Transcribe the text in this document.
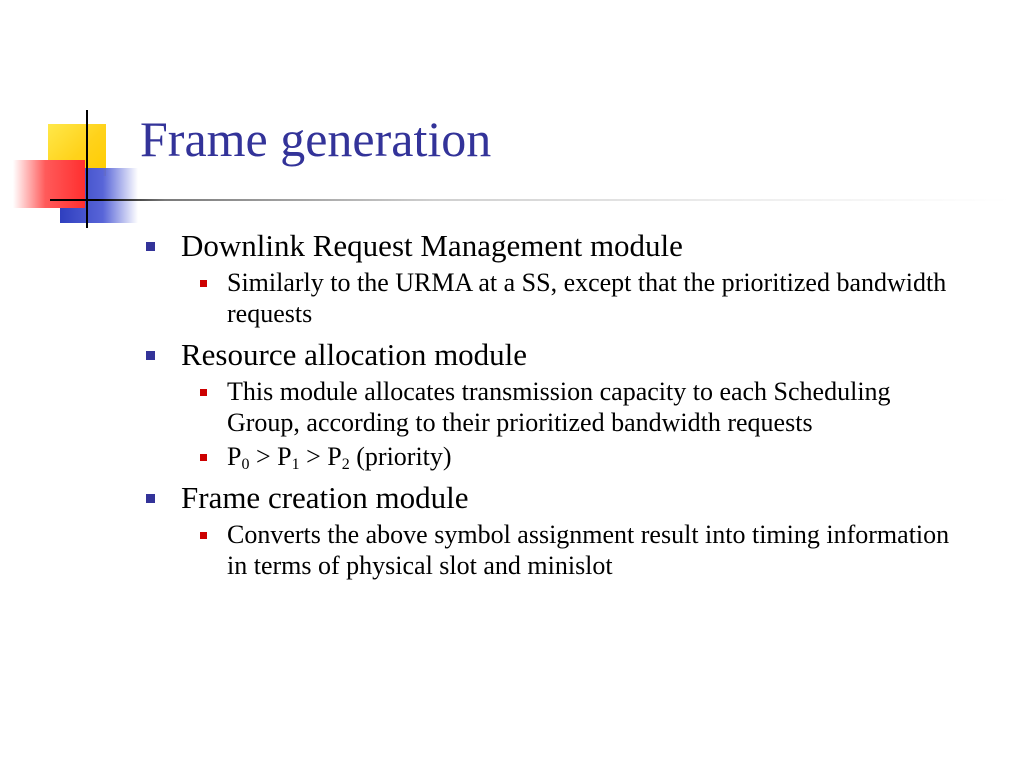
Frame generation
Downlink Request Management module
Similarly to the URMA at a SS, except that the prioritized bandwidth requests
Resource allocation module
This module allocates transmission capacity to each Scheduling Group, according to their prioritized bandwidth requests
$P_0 > P_1 > P_2$ (priority)
Frame creation module
Converts the above symbol assignment result into timing information in terms of physical slot and minislot
